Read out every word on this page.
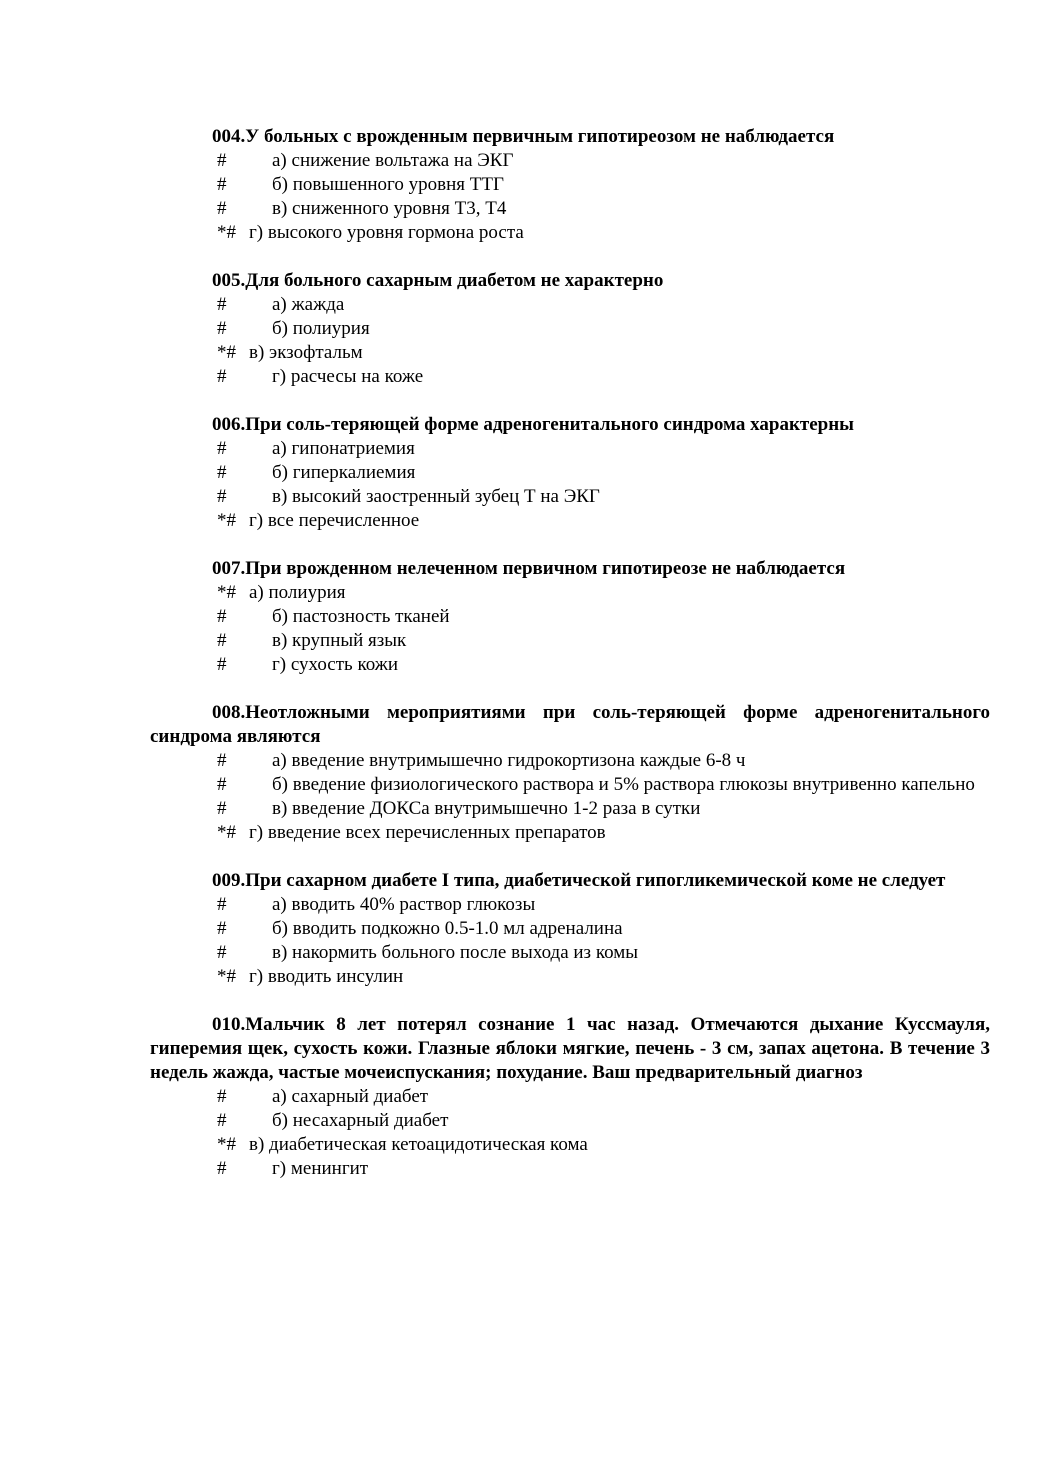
004.У больных с врожденным первичным гипотиреозом не наблюдается
# а) снижение вольтажа на ЭКГ
# б) повышенного уровня ТТГ
# в) сниженного уровня Т3, Т4
*# г) высокого уровня гормона роста
005.Для больного сахарным диабетом не характерно
# а) жажда
# б) полиурия
*# в) экзофтальм
# г) расчесы на коже
006.При соль-теряющей форме адреногенитального синдрома характерны
# а) гипонатриемия
# б) гиперкалиемия
# в) высокий заостренный зубец Т на ЭКГ
*# г) все перечисленное
007.При врожденном нелеченном первичном гипотиреозе не наблюдается
*# а) полиурия
# б) пастозность тканей
# в) крупный язык
# г) сухость кожи
008.Неотложными мероприятиями при соль-теряющей форме адреногенитального синдрома являются
# а) введение внутримышечно гидрокортизона каждые 6-8 ч
#	б) введение физиологического раствора и 5% раствора глюкозы внутривенно капельно
# в) введение ДОКСа внутримышечно 1-2 раза в сутки
*# г) введение всех перечисленных препаратов
009.При сахарном диабете I типа, диабетической гипогликемической коме не следует
# а) вводить 40% раствор глюкозы
# б) вводить подкожно 0.5-1.0 мл адреналина
# в) накормить больного после выхода из комы
*# г) вводить инсулин
010.Мальчик 8 лет потерял сознание 1 час назад. Отмечаются дыхание Куссмауля, гиперемия щек, сухость кожи. Глазные яблоки мягкие, печень - 3 см, запах ацетона. В течение 3 недель жажда, частые мочеиспускания; похудание. Ваш предварительный диагноз
# а) сахарный диабет
# б) несахарный диабет
*# в) диабетическая кетоацидотическая кома
# г) менингит
